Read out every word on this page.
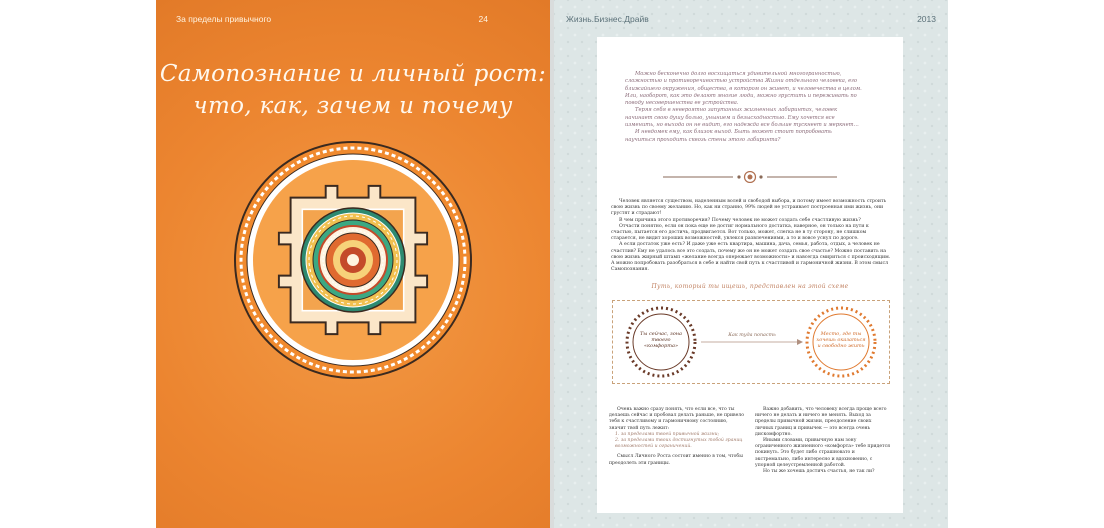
За пределы привычного	24
Самопознание и личный рост:
что, как, зачем и почему
Жизнь.Бизнес.Драйв	2013

Можно бесконечно долго восхищаться удивительной многогранностью, сложностью и противоречивостью устройства Жизни отдельного человека, его ближайшего окружения, общества, в котором он живет, и человечества в целом. Или, наоборот, как это делают многие люди, можно грустить и переживать по поводу несовершенства ее устройства.

Теряя себя в невероятно запутанных жизненных лабиринтах, человек начинает свою душу болью, унынием и безысходностью. Ему хочется все изменить, но выхода он не видит, его надежда все больше тускнеет и меркнет…

И невдомек ему, как близок выход. Быть может стоит попробовать научиться проходить сквозь стены этого лабиринта?

Человек является существом, наделенным волей и свободой выбора, и потому имеет возможность строить свою жизнь по своему желанию. Но, как ни странно, 99% людей не устраивает построенная ими жизнь, они грустят и страдают!

В чем причина этого противоречия? Почему человек не может создать себе счастливую жизнь?

Отчасти понятно, если он пока еще не достиг нормального достатка, наверное, он только на пути к счастью, пытается его достичь, продвигается. Вот только, может, слегка не в ту сторону, не слишком старается, не видит хороших возможностей, увлекся развлечениями, а то и вовсе уснул по дороге.

А если достаток уже есть? И даже уже есть квартира, машина, дача, семья, работа, отдых, а человек не счастлив? Ему не удалось все это создать, почему же он не может создать свое счастье? Можно поставить на свою жизнь жирный штамп «желание всегда опережает возможности» и навсегда смириться с происходящим. А можно попробовать разобраться в себе и найти свой путь к счастливой и гармоничной жизни. В этом смысл Самопознания.

Путь, который ты ищешь, представлен на этой схеме
Ты сейчас, зона твоего «комфорта»
Как туда попасть	Место, где ты хочешь оказаться и свободно жить

Очень важно сразу понять, что если все, что ты делаешь сейчас и пробовал делать раньше, не привело тебя к счастливому и гармоничному состоянию, значит твой путь лежит:

1. за пределами твоей привычной жизни;

2. за пределами твоих достигнутых тобой границ возможностей и ограничений.

Смысл Личного Роста состоит именно в том, чтобы преодолеть эти границы.

Важно добавить, что человеку всегда проще всего ничего не делать и ничего не менять. Выход за пределы привычной жизни, преодоление своих личных границ и привычек — это всегда очень дискомфортно.

Иными словами, привычную нам зону ограниченного жизненного «комфорта» тебе придется покинуть. Это будет либо страшновато и экстремально, либо интересно и вдохновенно, с упорной целеустремленной работой.

Но ты же хочешь достичь счастья, не так ли?
